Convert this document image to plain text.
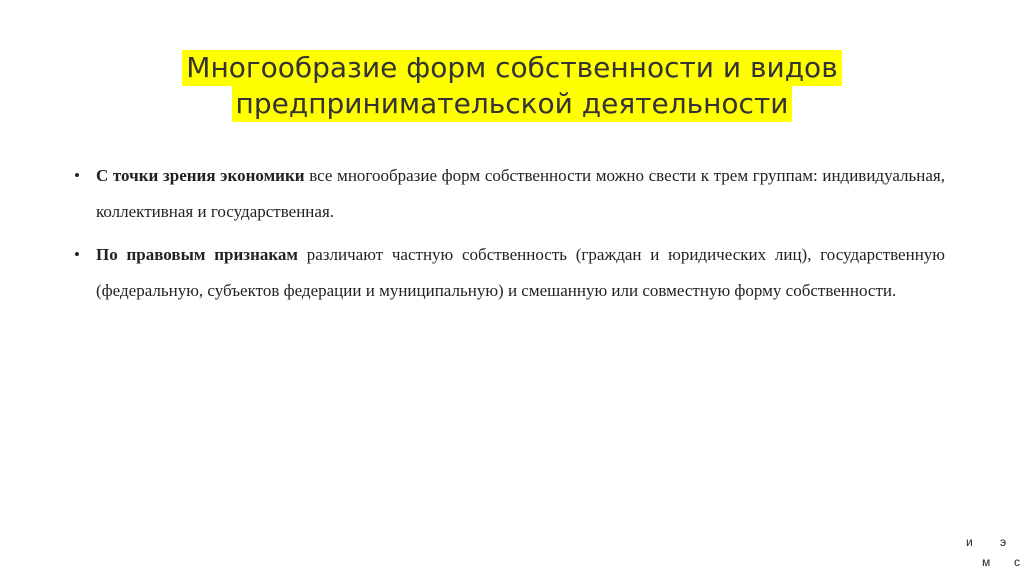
Многообразие форм собственности и видов
предпринимательской деятельности
• С точки зрения экономики все многообразие форм собственности можно свести к трем группам: индивидуальная, коллективная и государственная.
• По правовым признакам различают частную собственность (граждан и юридических лиц), государственную (федеральную, субъектов федерации и муниципальную) и смешанную или совместную форму собственности.
и э
м с
